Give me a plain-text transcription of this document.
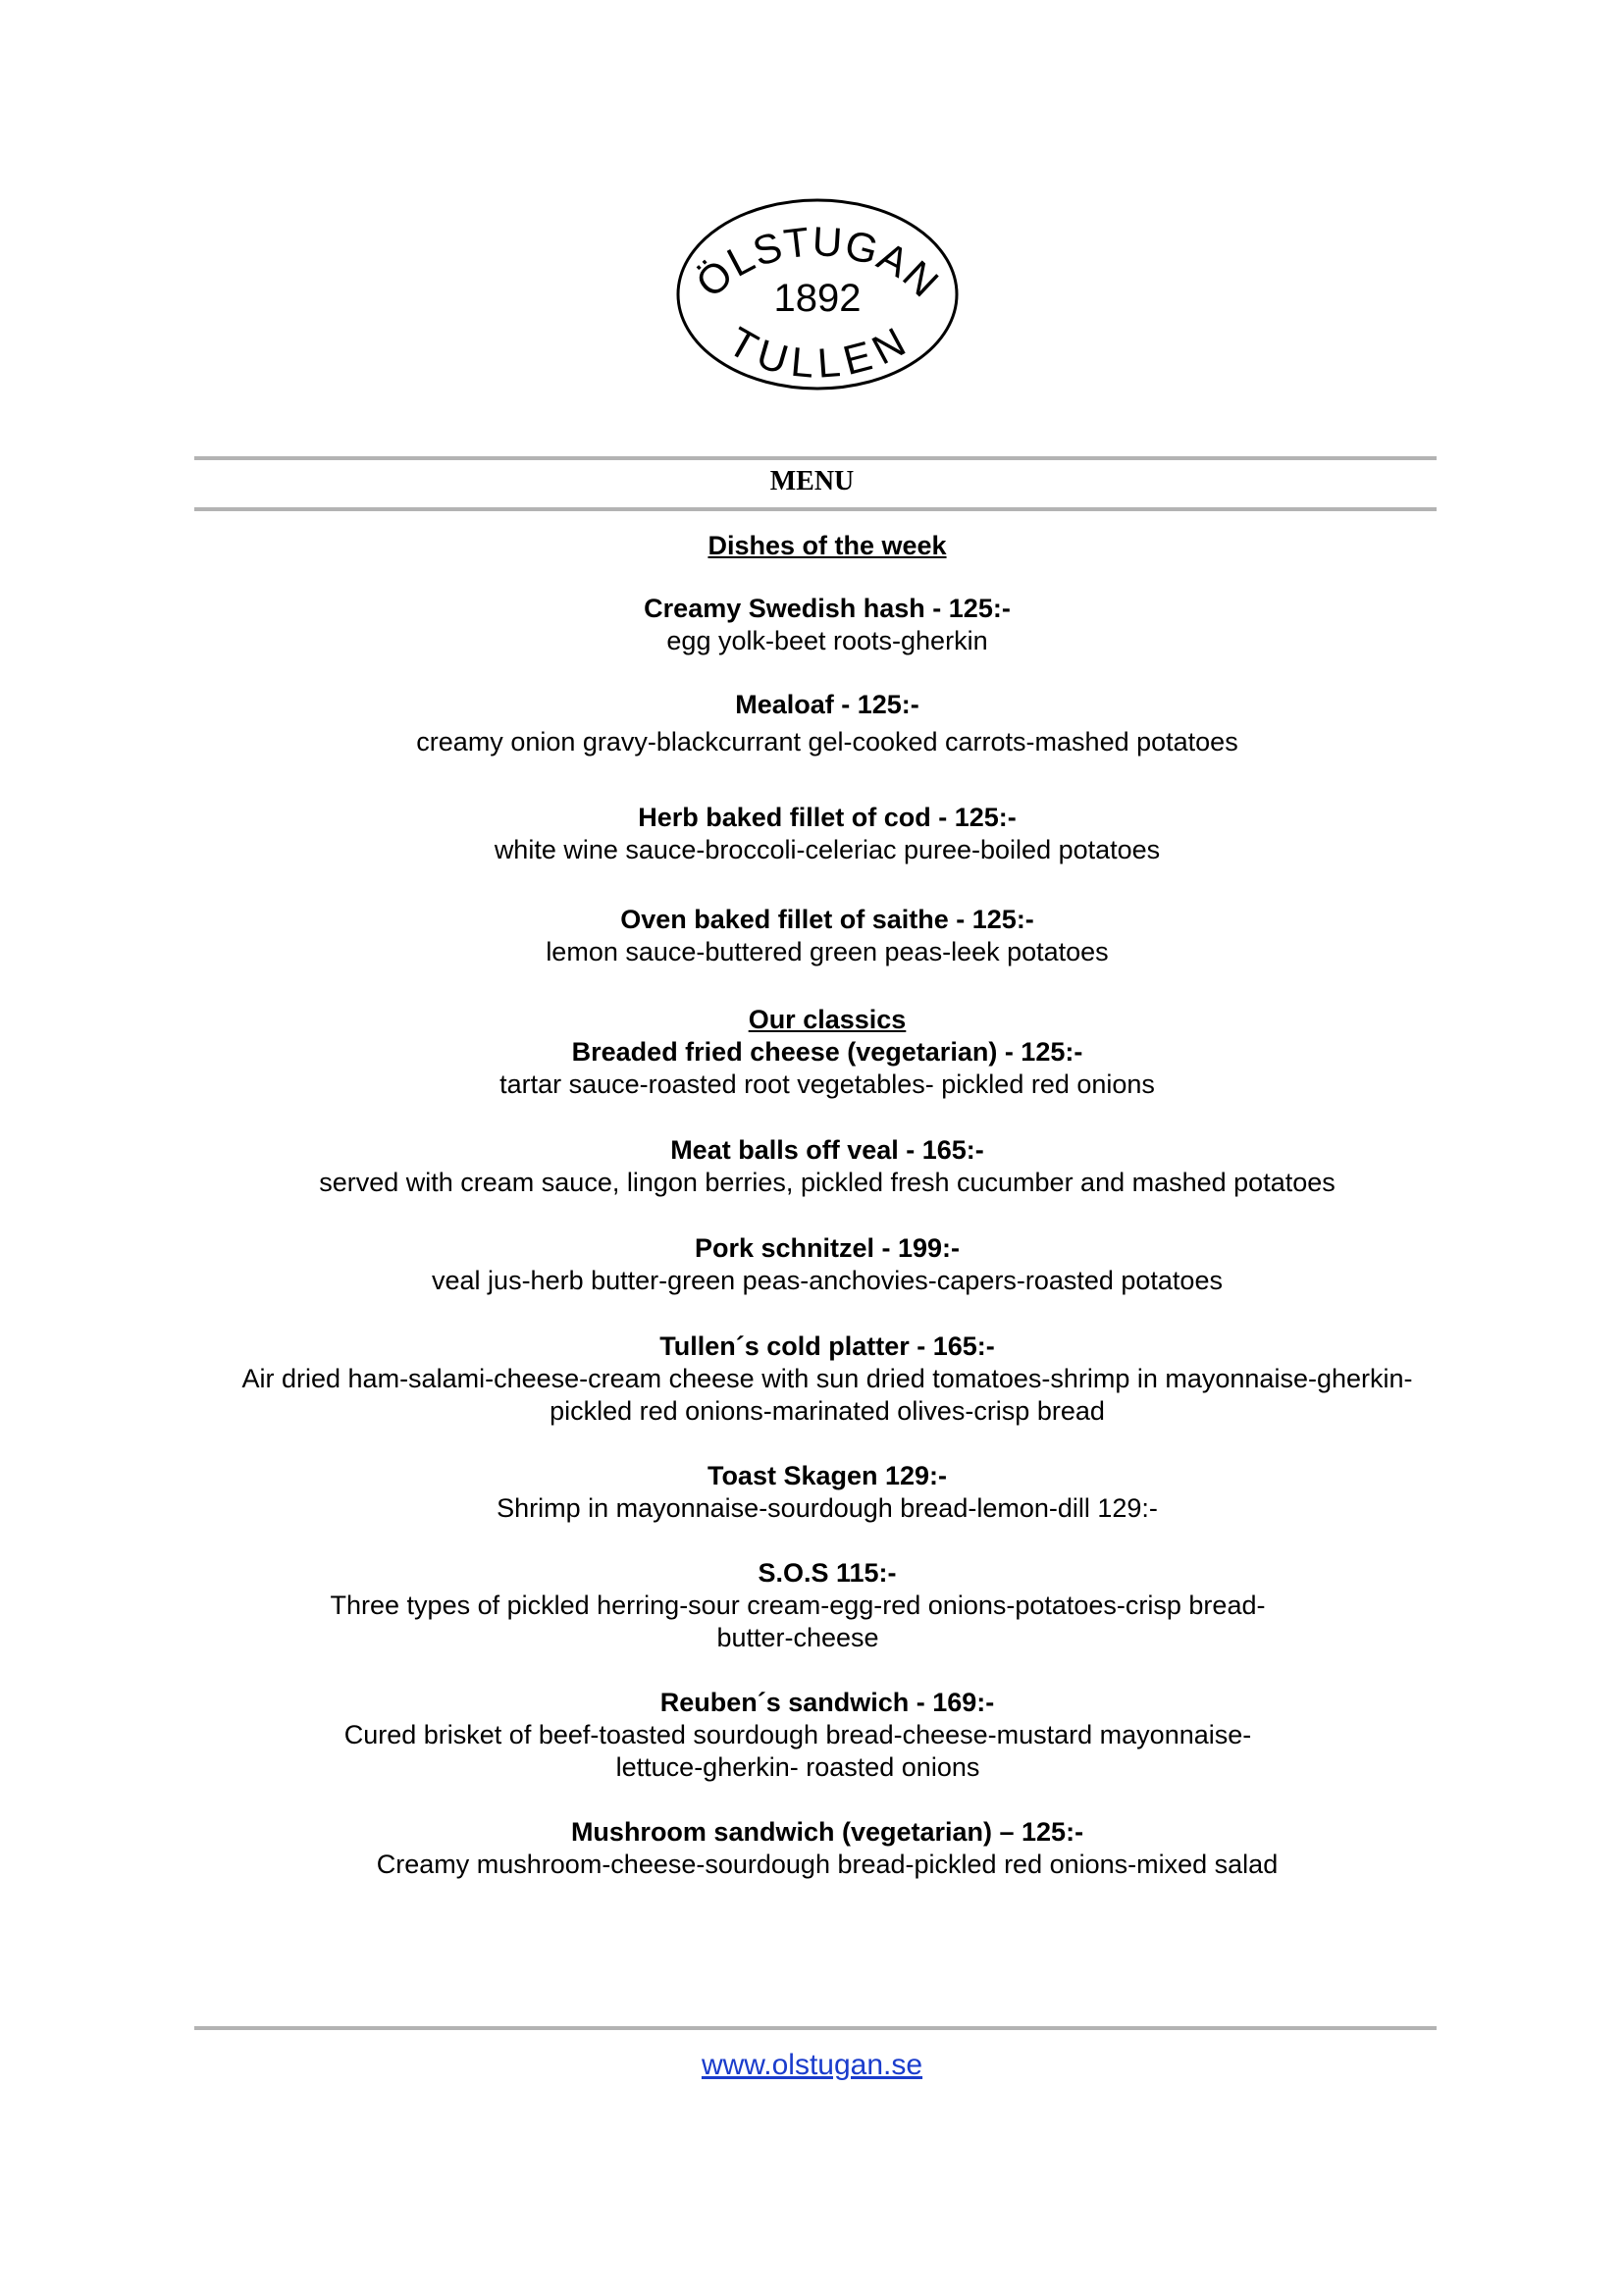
ÖLSTUGAN
1892
TULLEN
MENU
Dishes of the week
Creamy Swedish hash - 125:-
egg yolk-beet roots-gherkin
Mealoaf - 125:-
creamy onion gravy-blackcurrant gel-cooked carrots-mashed potatoes
Herb baked fillet of cod - 125:-
white wine sauce-broccoli-celeriac puree-boiled potatoes
Oven baked fillet of saithe - 125:-
lemon sauce-buttered green peas-leek potatoes
Our classics
Breaded fried cheese (vegetarian) - 125:-
tartar sauce-roasted root vegetables- pickled red onions
Meat balls off veal - 165:-
served with cream sauce, lingon berries, pickled fresh cucumber and mashed potatoes
Pork schnitzel - 199:-
veal jus-herb butter-green peas-anchovies-capers-roasted potatoes
Tullen´s cold platter - 165:-
Air dried ham-salami-cheese-cream cheese with sun dried tomatoes-shrimp in mayonnaise-gherkin-pickled red onions-marinated olives-crisp bread
Toast Skagen 129:-
Shrimp in mayonnaise-sourdough bread-lemon-dill 129:-
S.O.S 115:-
Three types of pickled herring-sour cream-egg-red onions-potatoes-crisp bread-butter-cheese
Reuben´s sandwich - 169:-
Cured brisket of beef-toasted sourdough bread-cheese-mustard mayonnaise-lettuce-gherkin- roasted onions
Mushroom sandwich (vegetarian) – 125:-
Creamy mushroom-cheese-sourdough bread-pickled red onions-mixed salad
www.olstugan.se
